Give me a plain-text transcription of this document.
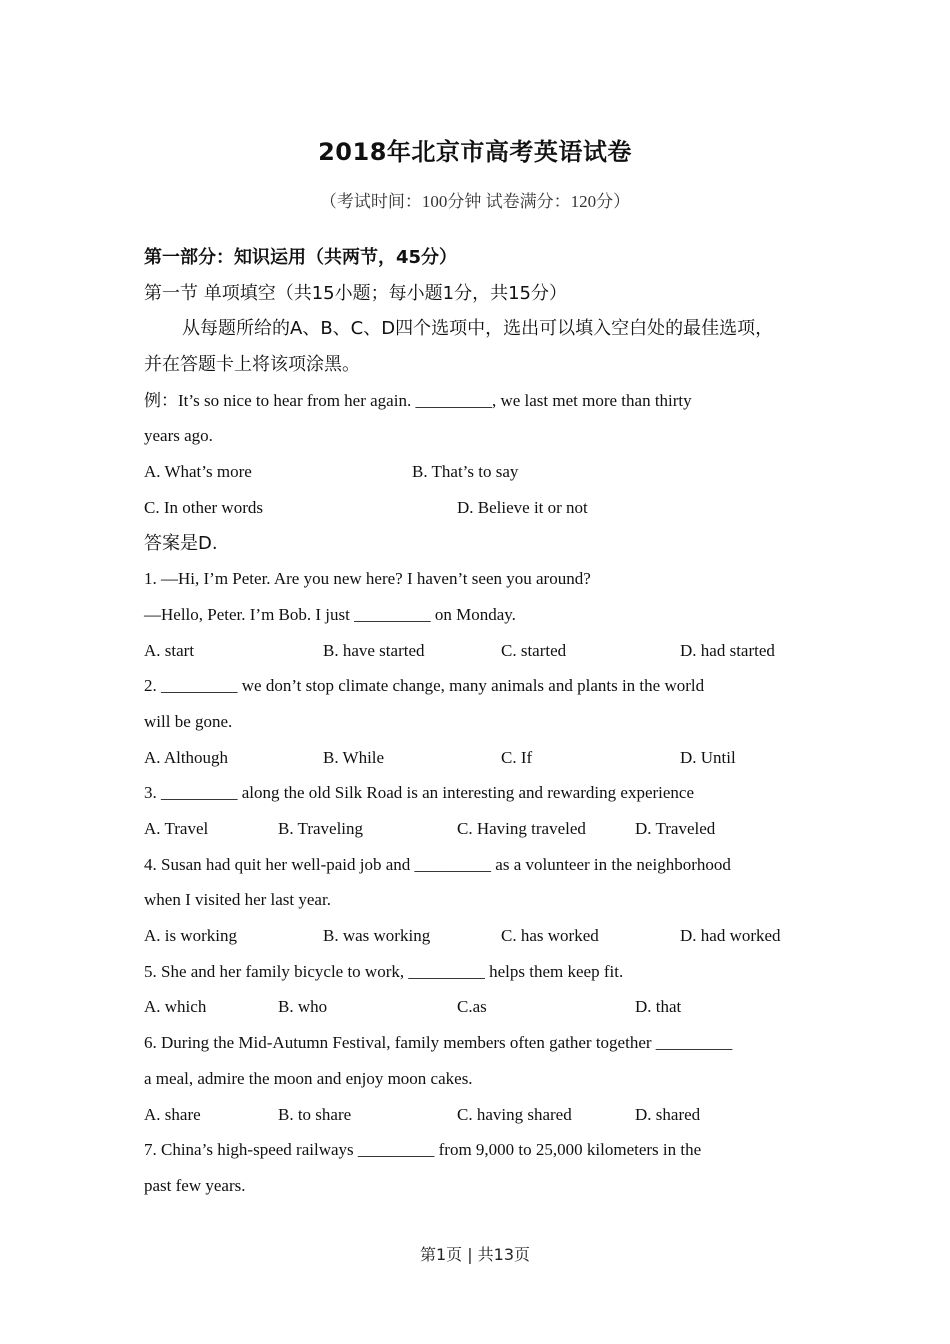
2018年北京市高考英语试卷
（考试时间：100分钟 试卷满分：120分）
第一部分：知识运用（共两节，45分）
第一节 单项填空（共15小题；每小题1分，共15分）
从每题所给的A、B、C、D四个选项中，选出可以填入空白处的最佳选项，
并在答题卡上将该项涂黑。
例：It’s so nice to hear from her again. _________, we last met more than thirty
years ago.
A. What’s more	B. That’s to say
C. In other words	D. Believe it or not
答案是D.
1. —Hi, I’m Peter. Are you new here? I haven’t seen you around?
—Hello, Peter. I’m Bob. I just _________ on Monday.
A. start	B. have started	C. started	D. had started
2. _________ we don’t stop climate change, many animals and plants in the world
will be gone.
A. Although	B. While	C. If	D. Until
3. _________ along the old Silk Road is an interesting and rewarding experience
A. Travel	B. Traveling	C. Having traveled	D. Traveled
4. Susan had quit her well-paid job and _________ as a volunteer in the neighborhood
when I visited her last year.
A. is working	B. was working	C. has worked	D. had worked
5. She and her family bicycle to work, _________ helps them keep fit.
A. which	B. who	C.as	D. that
6. During the Mid-Autumn Festival, family members often gather together _________
a meal, admire the moon and enjoy moon cakes.
A. share	B. to share	C. having shared	D. shared
7. China’s high-speed railways _________ from 9,000 to 25,000 kilometers in the
past few years.
第1页 | 共13页
